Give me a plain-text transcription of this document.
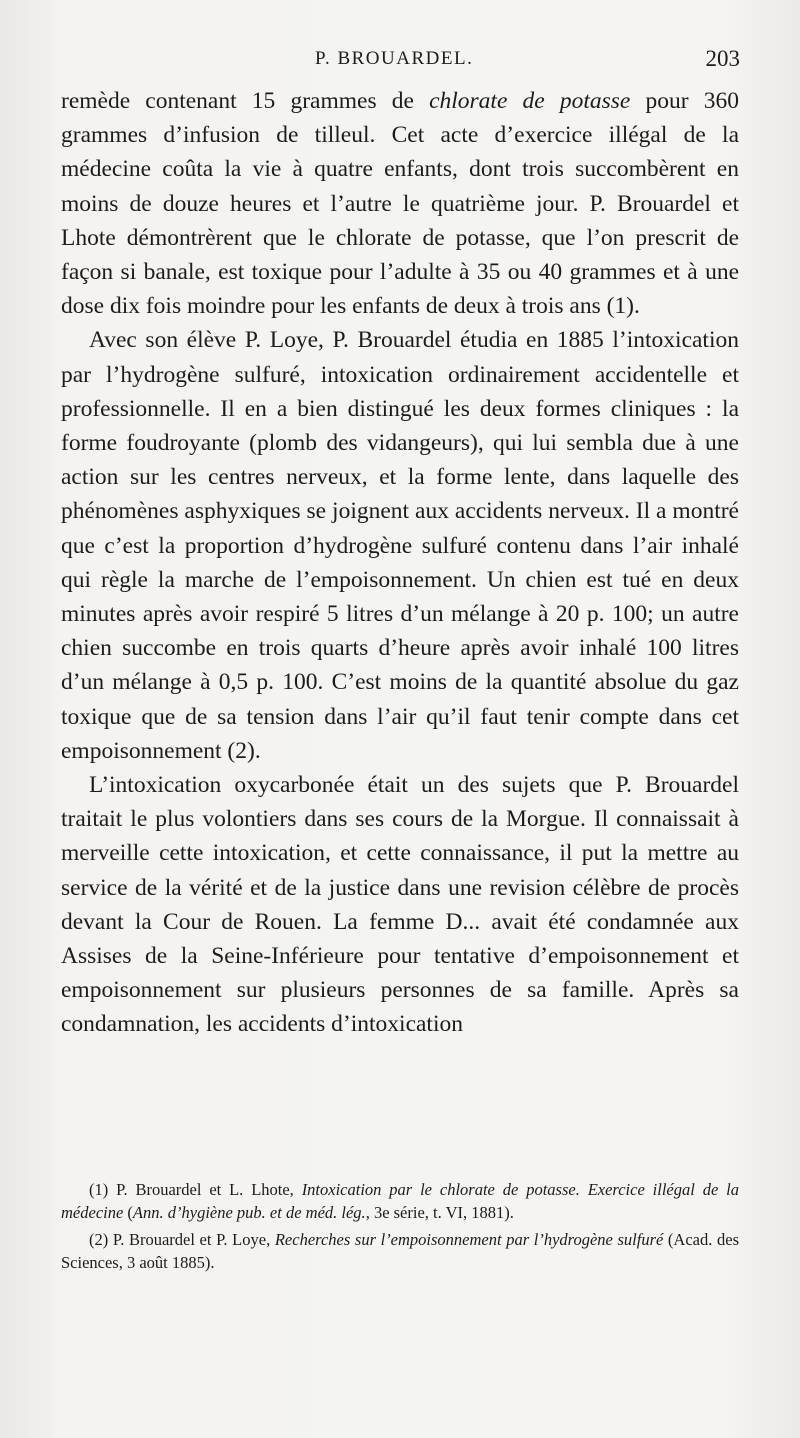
P. BROUARDEL.	203

remède contenant 15 grammes de chlorate de potasse pour 360 grammes d’infusion de tilleul. Cet acte d’exercice illégal de la médecine coûta la vie à quatre enfants, dont trois succombèrent en moins de douze heures et l’autre le quatrième jour. P. Brouardel et Lhote démontrèrent que le chlorate de potasse, que l’on prescrit de façon si banale, est toxique pour l’adulte à 35 ou 40 grammes et à une dose dix fois moindre pour les enfants de deux à trois ans (1).

Avec son élève P. Loye, P. Brouardel étudia en 1885 l’intoxication par l’hydrogène sulfuré, intoxication ordinairement accidentelle et professionnelle. Il en a bien distingué les deux formes cliniques : la forme foudroyante (plomb des vidangeurs), qui lui sembla due à une action sur les centres nerveux, et la forme lente, dans laquelle des phénomènes asphyxiques se joignent aux accidents nerveux. Il a montré que c’est la proportion d’hydrogène sulfuré contenu dans l’air inhalé qui règle la marche de l’empoisonnement. Un chien est tué en deux minutes après avoir respiré 5 litres d’un mélange à 20 p. 100; un autre chien succombe en trois quarts d’heure après avoir inhalé 100 litres d’un mélange à 0,5 p. 100. C’est moins de la quantité absolue du gaz toxique que de sa tension dans l’air qu’il faut tenir compte dans cet empoisonnement (2).

L’intoxication oxycarbonée était un des sujets que P. Brouardel traitait le plus volontiers dans ses cours de la Morgue. Il connaissait à merveille cette intoxication, et cette connaissance, il put la mettre au service de la vérité et de la justice dans une revision célèbre de procès devant la Cour de Rouen. La femme D... avait été condamnée aux Assises de la Seine-Inférieure pour tentative d’empoisonnement et empoisonnement sur plusieurs personnes de sa famille. Après sa condamnation, les accidents d’intoxication

(1) P. Brouardel et L. Lhote, Intoxication par le chlorate de potasse. Exercice illégal de la médecine (Ann. d’hygiène pub. et de méd. lég., 3e série, t. VI, 1881).

(2) P. Brouardel et P. Loye, Recherches sur l’empoisonnement par l’hydrogène sulfuré (Acad. des Sciences, 3 août 1885).
